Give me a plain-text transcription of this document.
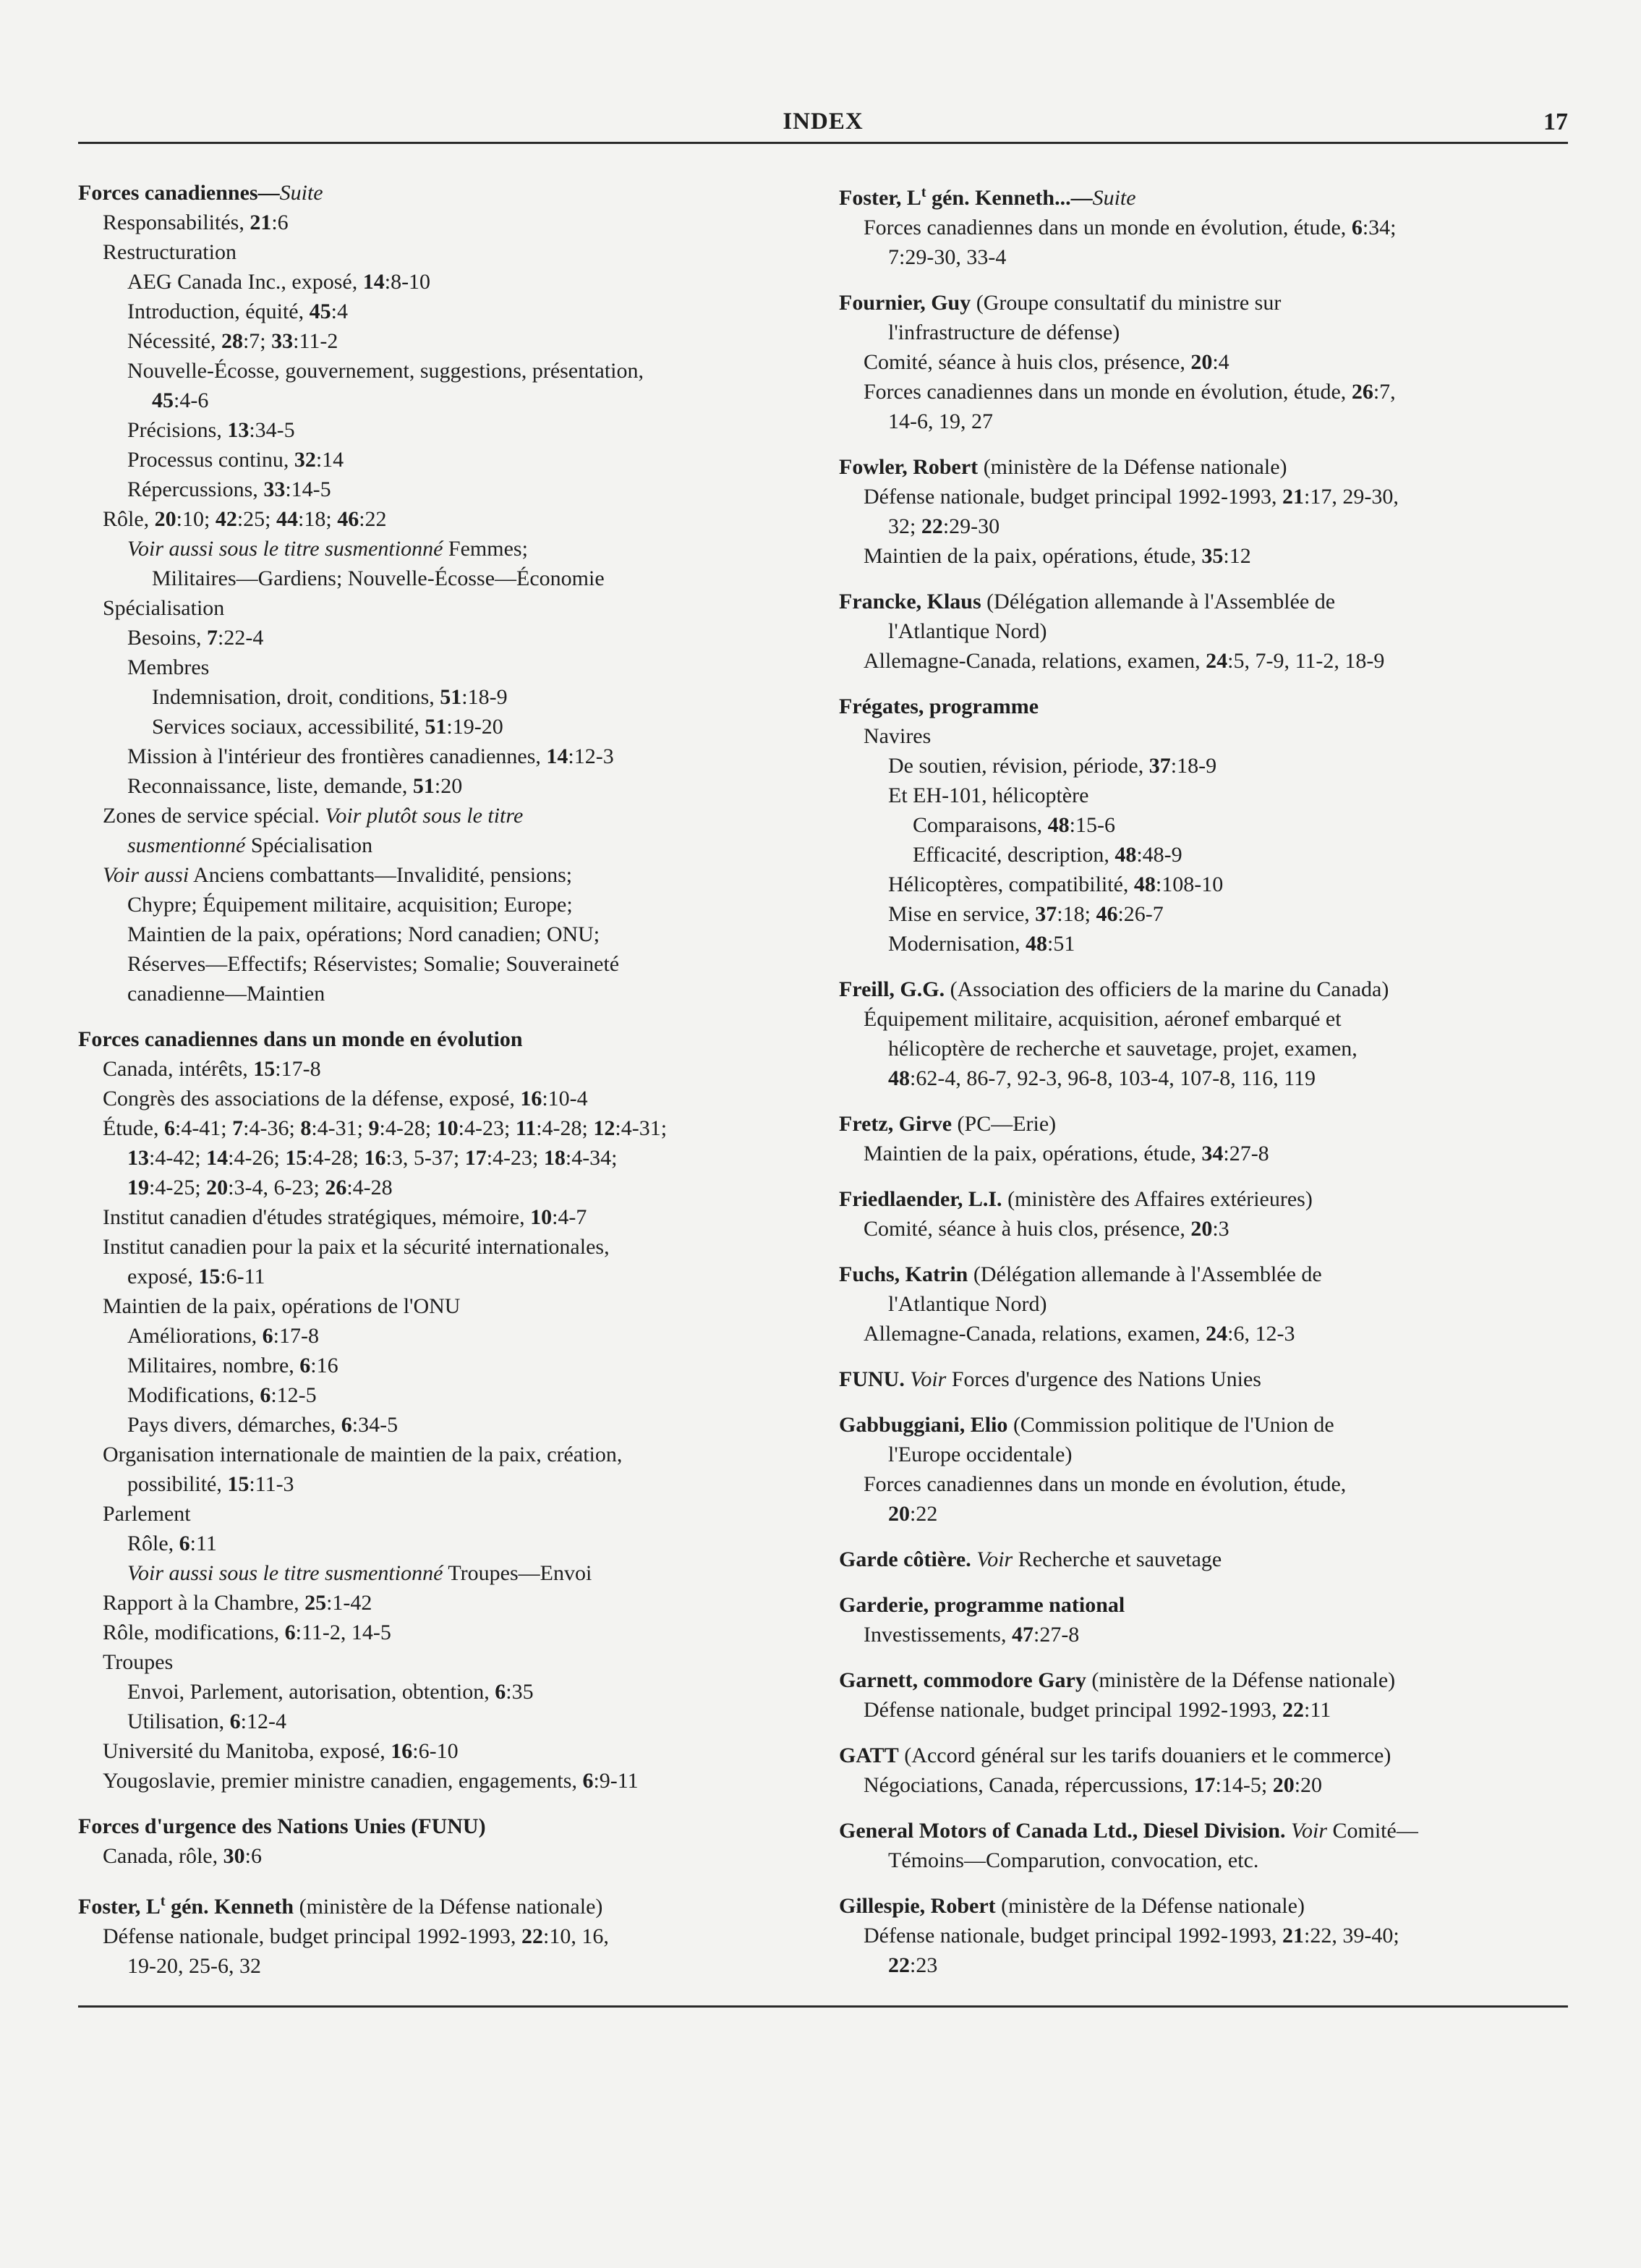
INDEX	17
Forces canadiennes—Suite
Responsabilités, 21:6
Restructuration
AEG Canada Inc., exposé, 14:8-10
Introduction, équité, 45:4
Nécessité, 28:7; 33:11-2
Nouvelle-Écosse, gouvernement, suggestions, présentation,
45:4-6
Précisions, 13:34-5
Processus continu, 32:14
Répercussions, 33:14-5
Rôle, 20:10; 42:25; 44:18; 46:22
Voir aussi sous le titre susmentionné Femmes;
Militaires—Gardiens; Nouvelle-Écosse—Économie
Spécialisation
Besoins, 7:22-4
Membres
Indemnisation, droit, conditions, 51:18-9
Services sociaux, accessibilité, 51:19-20
Mission à l'intérieur des frontières canadiennes, 14:12-3
Reconnaissance, liste, demande, 51:20
Zones de service spécial. Voir plutôt sous le titre
susmentionné Spécialisation
Voir aussi Anciens combattants—Invalidité, pensions;
Chypre; Équipement militaire, acquisition; Europe;
Maintien de la paix, opérations; Nord canadien; ONU;
Réserves—Effectifs; Réservistes; Somalie; Souveraineté
canadienne—Maintien
Forces canadiennes dans un monde en évolution
Canada, intérêts, 15:17-8
Congrès des associations de la défense, exposé, 16:10-4
Étude, 6:4-41; 7:4-36; 8:4-31; 9:4-28; 10:4-23; 11:4-28; 12:4-31;
13:4-42; 14:4-26; 15:4-28; 16:3, 5-37; 17:4-23; 18:4-34;
19:4-25; 20:3-4, 6-23; 26:4-28
Institut canadien d'études stratégiques, mémoire, 10:4-7
Institut canadien pour la paix et la sécurité internationales,
exposé, 15:6-11
Maintien de la paix, opérations de l'ONU
Améliorations, 6:17-8
Militaires, nombre, 6:16
Modifications, 6:12-5
Pays divers, démarches, 6:34-5
Organisation internationale de maintien de la paix, création,
possibilité, 15:11-3
Parlement
Rôle, 6:11
Voir aussi sous le titre susmentionné Troupes—Envoi
Rapport à la Chambre, 25:1-42
Rôle, modifications, 6:11-2, 14-5
Troupes
Envoi, Parlement, autorisation, obtention, 6:35
Utilisation, 6:12-4
Université du Manitoba, exposé, 16:6-10
Yougoslavie, premier ministre canadien, engagements, 6:9-11
Forces d'urgence des Nations Unies (FUNU)
Canada, rôle, 30:6
Foster, $L^t$ gén. Kenneth (ministère de la Défense nationale)
Défense nationale, budget principal 1992-1993, 22:10, 16,
19-20, 25-6, 32
Foster, $L^t$ gén. Kenneth...—Suite
Forces canadiennes dans un monde en évolution, étude, 6:34;
7:29-30, 33-4
Fournier, Guy (Groupe consultatif du ministre sur
l'infrastructure de défense)
Comité, séance à huis clos, présence, 20:4
Forces canadiennes dans un monde en évolution, étude, 26:7,
14-6, 19, 27
Fowler, Robert (ministère de la Défense nationale)
Défense nationale, budget principal 1992-1993, 21:17, 29-30,
32; 22:29-30
Maintien de la paix, opérations, étude, 35:12
Francke, Klaus (Délégation allemande à l'Assemblée de
l'Atlantique Nord)
Allemagne-Canada, relations, examen, 24:5, 7-9, 11-2, 18-9
Frégates, programme
Navires
De soutien, révision, période, 37:18-9
Et EH-101, hélicoptère
Comparaisons, 48:15-6
Efficacité, description, 48:48-9
Hélicoptères, compatibilité, 48:108-10
Mise en service, 37:18; 46:26-7
Modernisation, 48:51
Freill, G.G. (Association des officiers de la marine du Canada)
Équipement militaire, acquisition, aéronef embarqué et
hélicoptère de recherche et sauvetage, projet, examen,
48:62-4, 86-7, 92-3, 96-8, 103-4, 107-8, 116, 119
Fretz, Girve (PC—Erie)
Maintien de la paix, opérations, étude, 34:27-8
Friedlaender, L.I. (ministère des Affaires extérieures)
Comité, séance à huis clos, présence, 20:3
Fuchs, Katrin (Délégation allemande à l'Assemblée de
l'Atlantique Nord)
Allemagne-Canada, relations, examen, 24:6, 12-3
FUNU. Voir Forces d'urgence des Nations Unies
Gabbuggiani, Elio (Commission politique de l'Union de
l'Europe occidentale)
Forces canadiennes dans un monde en évolution, étude,
20:22
Garde côtière. Voir Recherche et sauvetage
Garderie, programme national
Investissements, 47:27-8
Garnett, commodore Gary (ministère de la Défense nationale)
Défense nationale, budget principal 1992-1993, 22:11
GATT (Accord général sur les tarifs douaniers et le commerce)
Négociations, Canada, répercussions, 17:14-5; 20:20
General Motors of Canada Ltd., Diesel Division. Voir Comité—
Témoins—Comparution, convocation, etc.
Gillespie, Robert (ministère de la Défense nationale)
Défense nationale, budget principal 1992-1993, 21:22, 39-40;
22:23
